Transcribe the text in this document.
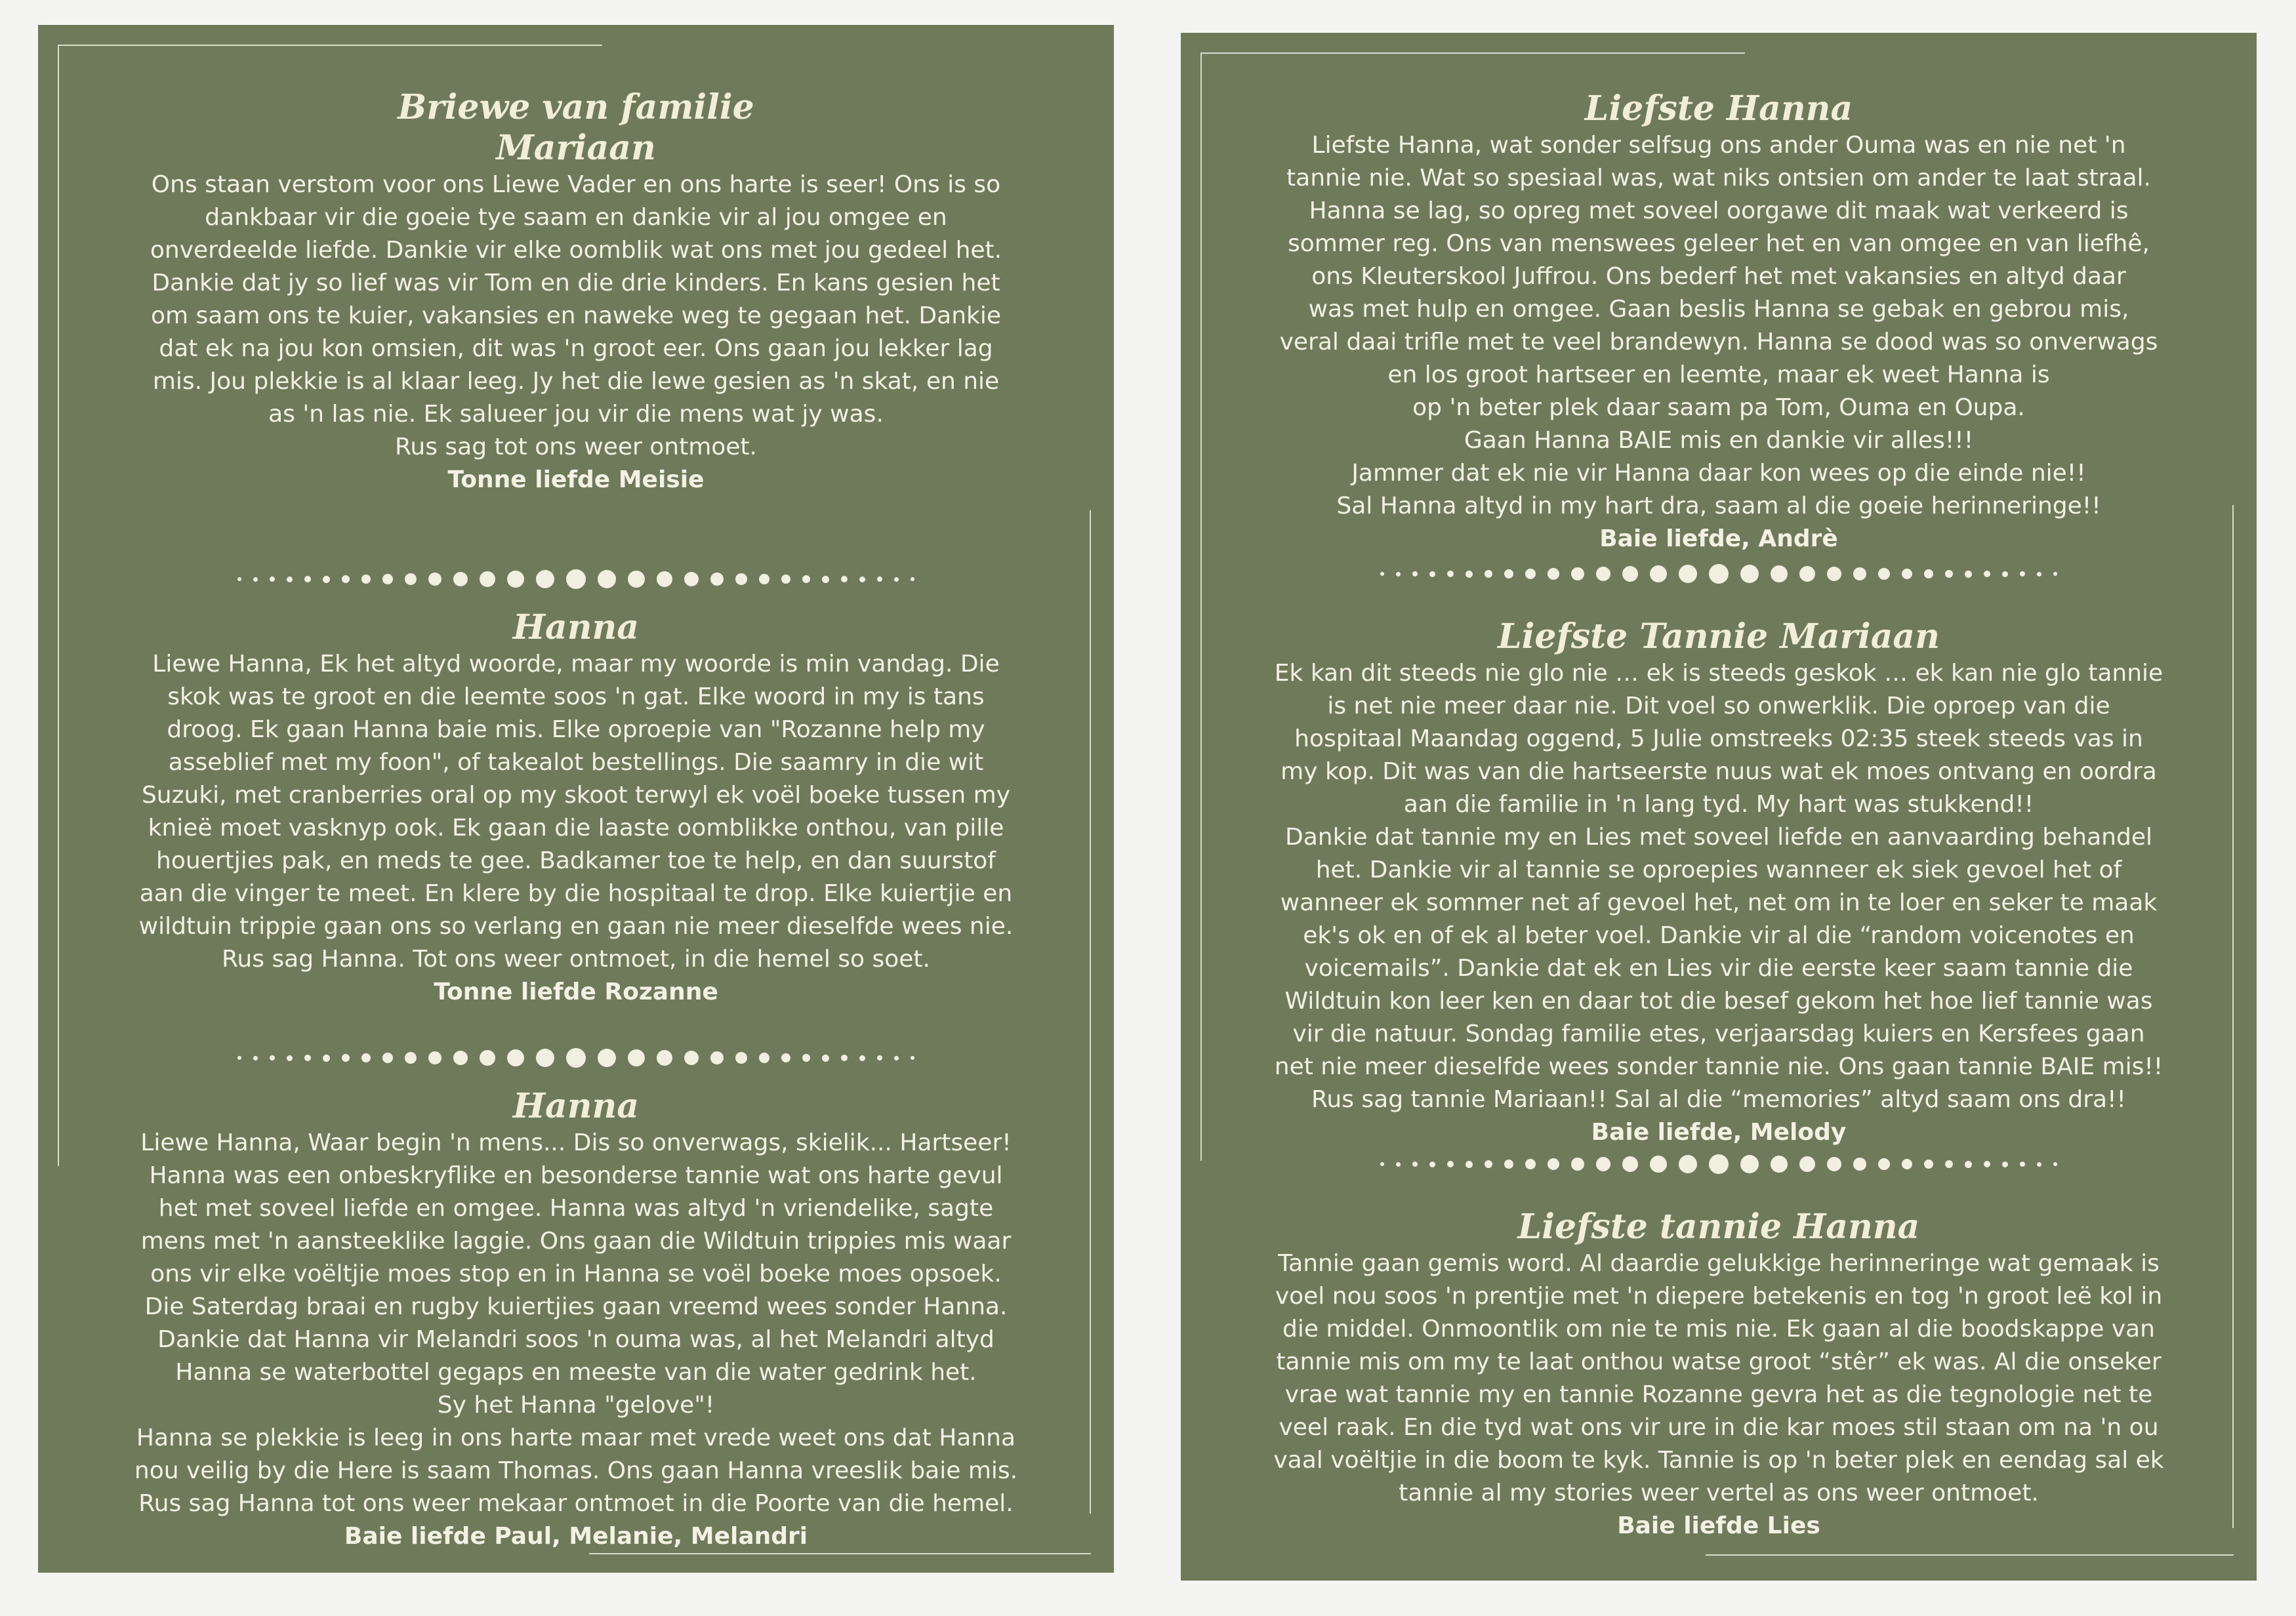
Briewe van familie
Mariaan

Ons staan verstom voor ons Liewe Vader en ons harte is seer! Ons is so
dankbaar vir die goeie tye saam en dankie vir al jou omgee en
onverdeelde liefde. Dankie vir elke oomblik wat ons met jou gedeel het.
Dankie dat jy so lief was vir Tom en die drie kinders. En kans gesien het
om saam ons te kuier, vakansies en naweke weg te gegaan het. Dankie
dat ek na jou kon omsien, dit was 'n groot eer. Ons gaan jou lekker lag
mis. Jou plekkie is al klaar leeg. Jy het die lewe gesien as 'n skat, en nie
as 'n las nie. Ek salueer jou vir die mens wat jy was.
Rus sag tot ons weer ontmoet.

Tonne liefde Meisie

Hanna

Liewe Hanna, Ek het altyd woorde, maar my woorde is min vandag. Die
skok was te groot en die leemte soos 'n gat. Elke woord in my is tans
droog. Ek gaan Hanna baie mis. Elke oproepie van "Rozanne help my
asseblief met my foon", of takealot bestellings. Die saamry in die wit
Suzuki, met cranberries oral op my skoot terwyl ek voël boeke tussen my
knieë moet vasknyp ook. Ek gaan die laaste oomblikke onthou, van pille
houertjies pak, en meds te gee. Badkamer toe te help, en dan suurstof
aan die vinger te meet. En klere by die hospitaal te drop. Elke kuiertjie en
wildtuin trippie gaan ons so verlang en gaan nie meer dieselfde wees nie.
Rus sag Hanna. Tot ons weer ontmoet, in die hemel so soet.

Tonne liefde Rozanne

Hanna

Liewe Hanna, Waar begin 'n mens... Dis so onverwags, skielik... Hartseer!
Hanna was een onbeskryflike en besonderse tannie wat ons harte gevul
het met soveel liefde en omgee. Hanna was altyd 'n vriendelike, sagte
mens met 'n aansteeklike laggie. Ons gaan die Wildtuin trippies mis waar
ons vir elke voëltjie moes stop en in Hanna se voël boeke moes opsoek.
Die Saterdag braai en rugby kuiertjies gaan vreemd wees sonder Hanna.
Dankie dat Hanna vir Melandri soos 'n ouma was, al het Melandri altyd
Hanna se waterbottel gegaps en meeste van die water gedrink het.
Sy het Hanna "gelove"!
Hanna se plekkie is leeg in ons harte maar met vrede weet ons dat Hanna
nou veilig by die Here is saam Thomas. Ons gaan Hanna vreeslik baie mis.
Rus sag Hanna tot ons weer mekaar ontmoet in die Poorte van die hemel.

Baie liefde Paul, Melanie, Melandri

Liefste Hanna

Liefste Hanna, wat sonder selfsug ons ander Ouma was en nie net 'n
tannie nie. Wat so spesiaal was, wat niks ontsien om ander te laat straal.
Hanna se lag, so opreg met soveel oorgawe dit maak wat verkeerd is
sommer reg. Ons van menswees geleer het en van omgee en van liefhê,
ons Kleuterskool Juffrou. Ons bederf het met vakansies en altyd daar
was met hulp en omgee. Gaan beslis Hanna se gebak en gebrou mis,
veral daai trifle met te veel brandewyn. Hanna se dood was so onverwags
en los groot hartseer en leemte, maar ek weet Hanna is
op 'n beter plek daar saam pa Tom, Ouma en Oupa.
Gaan Hanna BAIE mis en dankie vir alles!!!
Jammer dat ek nie vir Hanna daar kon wees op die einde nie!!
Sal Hanna altyd in my hart dra, saam al die goeie herinneringe!!

Baie liefde, Andrè

Liefste Tannie Mariaan

Ek kan dit steeds nie glo nie … ek is steeds geskok … ek kan nie glo tannie
is net nie meer daar nie. Dit voel so onwerklik. Die oproep van die
hospitaal Maandag oggend, 5 Julie omstreeks 02:35 steek steeds vas in
my kop. Dit was van die hartseerste nuus wat ek moes ontvang en oordra
aan die familie in 'n lang tyd. My hart was stukkend!!
Dankie dat tannie my en Lies met soveel liefde en aanvaarding behandel
het. Dankie vir al tannie se oproepies wanneer ek siek gevoel het of
wanneer ek sommer net af gevoel het, net om in te loer en seker te maak
ek's ok en of ek al beter voel. Dankie vir al die “random voicenotes en
voicemails”. Dankie dat ek en Lies vir die eerste keer saam tannie die
Wildtuin kon leer ken en daar tot die besef gekom het hoe lief tannie was
vir die natuur. Sondag familie etes, verjaarsdag kuiers en Kersfees gaan
net nie meer dieselfde wees sonder tannie nie. Ons gaan tannie BAIE mis!!
Rus sag tannie Mariaan!! Sal al die “memories” altyd saam ons dra!!

Baie liefde, Melody

Liefste tannie Hanna

Tannie gaan gemis word. Al daardie gelukkige herinneringe wat gemaak is
voel nou soos 'n prentjie met 'n diepere betekenis en tog 'n groot leë kol in
die middel. Onmoontlik om nie te mis nie. Ek gaan al die boodskappe van
tannie mis om my te laat onthou watse groot “stêr” ek was. Al die onseker
vrae wat tannie my en tannie Rozanne gevra het as die tegnologie net te
veel raak. En die tyd wat ons vir ure in die kar moes stil staan om na 'n ou
vaal voëltjie in die boom te kyk. Tannie is op 'n beter plek en eendag sal ek
tannie al my stories weer vertel as ons weer ontmoet.

Baie liefde Lies
